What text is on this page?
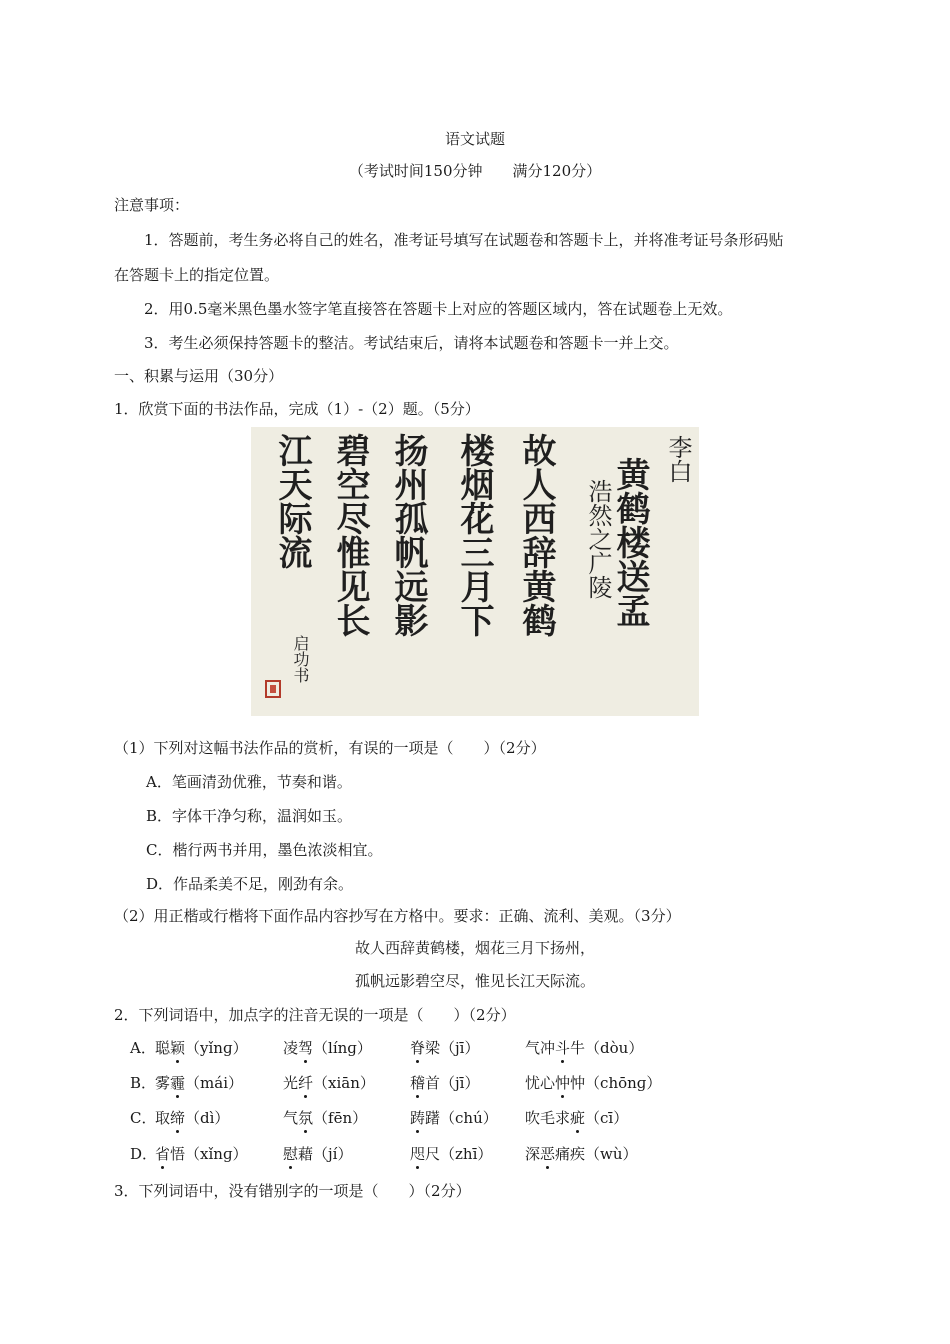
语文试题
（考试时间150分钟　　满分120分）
注意事项：
1．答题前，考生务必将自己的姓名，准考证号填写在试题卷和答题卡上，并将准考证号条形码贴
在答题卡上的指定位置。
2．用0.5毫米黑色墨水签字笔直接答在答题卡上对应的答题区域内，答在试题卷上无效。
3．考生必须保持答题卡的整洁。考试结束后，请将本试题卷和答题卡一并上交。
一、积累与运用（30分）
1．欣赏下面的书法作品，完成（1）-（2）题。（5分）
李白
黄鹤楼送孟
浩然之广陵
故人西辞黄鹤
楼烟花三月下
扬州孤帆远影
碧空尽惟见长
江天际流
启功书
（1）下列对这幅书法作品的赏析，有误的一项是（　　）（2分）
A．笔画清劲优雅，节奏和谐。
B．字体干净匀称，温润如玉。
C．楷行两书并用，墨色浓淡相宜。
D．作品柔美不足，刚劲有余。
（2）用正楷或行楷将下面作品内容抄写在方格中。要求：正确、流利、美观。（3分）
故人西辞黄鹤楼，烟花三月下扬州，
孤帆远影碧空尽，惟见长江天际流。
2．下列词语中，加点字的注音无误的一项是（　　）（2分）
A． 聪颖（yǐnɡ） 凌驾（línɡ）	脊梁（jī）	气冲斗牛（dòu）
B．
雾霾（mái）	光纤（xiān） 稽首（jī）	忧心忡忡（chōnɡ）
C．
取缔（dì）	气氛（fēn）	踌躇（chú） 吹毛求疵（cī）
D．
省悟（xǐnɡ） 慰藉（jí）	咫尺（zhī） 深恶痛疾（wù）
3．下列词语中，没有错别字的一项是（　　）（2分）
